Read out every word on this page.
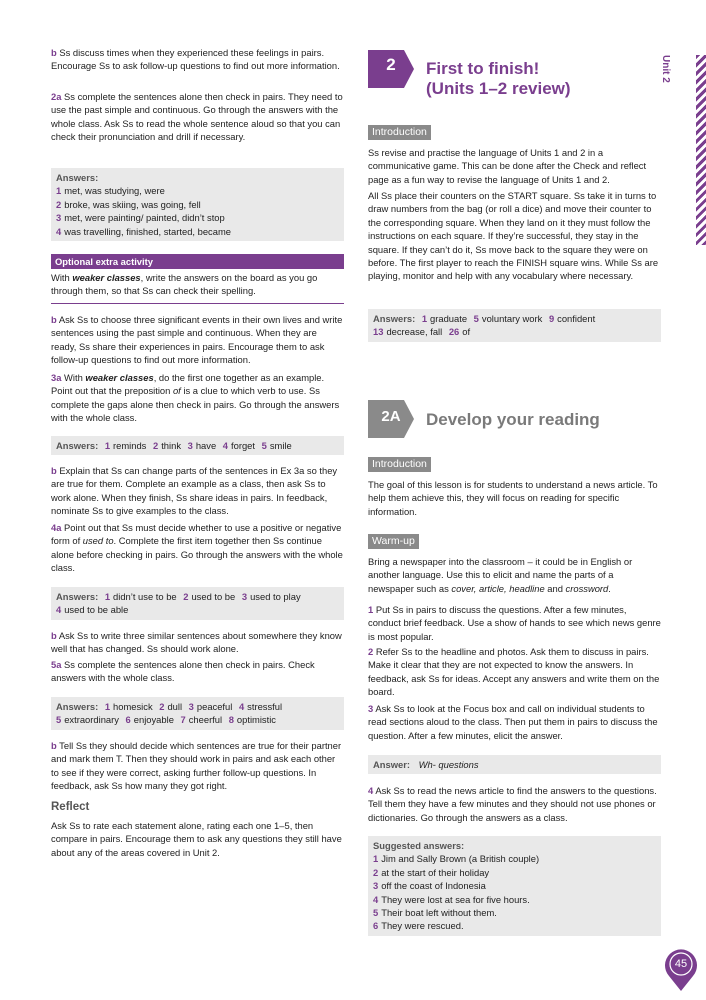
b Ss discuss times when they experienced these feelings in pairs. Encourage Ss to ask follow-up questions to find out more information.

2a Ss complete the sentences alone then check in pairs. They need to use the past simple and continuous. Go through the answers with the whole class. Ask Ss to read the whole sentence aloud so that you can check their pronunciation and drill if necessary.

Answers:
1 met, was studying, were
2 broke, was skiing, was going, fell
3 met, were painting/ painted, didn’t stop
4 was travelling, finished, started, became
Optional extra activity

With weaker classes, write the answers on the board as you go through them, so that Ss can check their spelling.

b Ask Ss to choose three significant events in their own lives and write sentences using the past simple and continuous. When they are ready, Ss share their experiences in pairs. Encourage them to ask follow-up questions to find out more information.

3a With weaker classes, do the first one together as an example. Point out that the preposition of is a clue to which verb to use. Ss complete the gaps alone then check in pairs. Go through the answers with the whole class.

Answers: 1 reminds 2 think 3 have 4 forget 5 smile

b Explain that Ss can change parts of the sentences in Ex 3a so they are true for them. Complete an example as a class, then ask Ss to work alone. When they finish, Ss share ideas in pairs. In feedback, nominate Ss to give examples to the class.

4a Point out that Ss must decide whether to use a positive or negative form of used to. Complete the first item together then Ss continue alone before checking in pairs. Go through the answers with the whole class.

Answers: 1 didn’t use to be 2 used to be 3 used to play
4 used to be able

b Ask Ss to write three similar sentences about somewhere they know well that has changed. Ss should work alone.

5a Ss complete the sentences alone then check in pairs. Check answers with the whole class.

Answers: 1 homesick 2 dull 3 peaceful 4 stressful
5 extraordinary 6 enjoyable 7 cheerful 8 optimistic

b Tell Ss they should decide which sentences are true for their partner and mark them T. Then they should work in pairs and ask each other to see if they were correct, asking further follow-up questions. In feedback, ask Ss how many they got right.

Reflect

Ask Ss to rate each statement alone, rating each one 1–5, then compare in pairs. Encourage them to ask any questions they still have about any of the areas covered in Unit 2.

2	First to finish!
(Units 1–2 review)
Introduction

Ss revise and practise the language of Units 1 and 2 in a communicative game. This can be done after the Check and reflect page as a fun way to revise the language of Units 1 and 2.

All Ss place their counters on the START square. Ss take it in turns to draw numbers from the bag (or roll a dice) and move their counter to the corresponding square. When they land on it they must follow the instructions on each square. If they’re successful, they stay in the square. If they can’t do it, Ss move back to the square they were on before. The first player to reach the FINISH square wins. While Ss are playing, monitor and help with any vocabulary where necessary.

Answers: 1 graduate 5 voluntary work 9 confident
13 decrease, fall 26 of
2A	Develop your reading
Introduction

The goal of this lesson is for students to understand a news article. To help them achieve this, they will focus on reading for specific information.

Warm-up

Bring a newspaper into the classroom – it could be in English or another language. Use this to elicit and name the parts of a newspaper such as cover, article, headline and crossword.

1 Put Ss in pairs to discuss the questions. After a few minutes, conduct brief feedback. Use a show of hands to see which news genre is most popular.

2 Refer Ss to the headline and photos. Ask them to discuss in pairs. Make it clear that they are not expected to know the answers. In feedback, ask Ss for ideas. Accept any answers and write them on the board.

3 Ask Ss to look at the Focus box and call on individual students to read sections aloud to the class. Then put them in pairs to discuss the question. After a few minutes, elicit the answer.

Answer: Wh- questions

4 Ask Ss to read the news article to find the answers to the questions. Tell them they have a few minutes and they should not use phones or dictionaries. Go through the answers as a class.

Suggested answers:
1 Jim and Sally Brown (a British couple)
2 at the start of their holiday
3 off the coast of Indonesia
4 They were lost at sea for five hours.
5 Their boat left without them.
6 They were rescued.
Unit 2
45
